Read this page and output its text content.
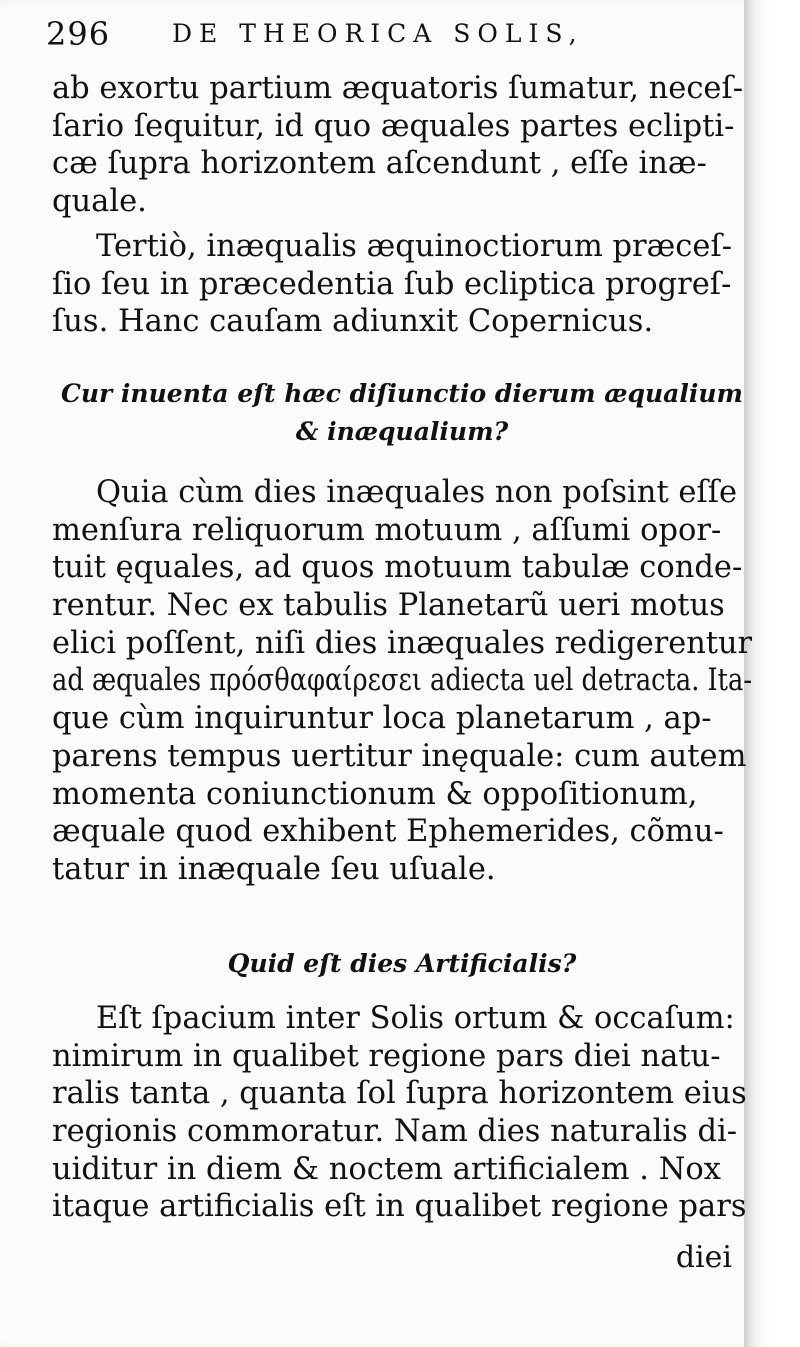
296 DE THEORICA SOLIS,
ab exortu partium æquatoris ſumatur, neceſ-
ſario ſequitur, id quo æquales partes eclipti-
cæ ſupra horizontem aſcendunt , eſſe inæ-
quale.
Tertiò, inæqualis æquinoctiorum præceſ-
ſio ſeu in præcedentia ſub ecliptica progreſ-
ſus. Hanc cauſam adiunxit Copernicus.
Cur inuenta eſt hæc diſiunctio dierum æqualium
& inæqualium?
Quia cùm dies inæquales non poſsint eſſe
menſura reliquorum motuum , aſſumi opor-
tuit ęquales, ad quos motuum tabulæ conde-
rentur. Nec ex tabulis Planetarũ ueri motus
elici poſſent, niſi dies inæquales redigerentur
ad æquales πρόσθαφαίρεσει adiecta uel detracta. Ita-
que cùm inquiruntur loca planetarum , ap-
parens tempus uertitur inęquale: cum autem
momenta coniunctionum & oppoſitionum,
æquale quod exhibent Ephemerides, cõmu-
tatur in inæquale ſeu uſuale.
Quid eſt dies Artificialis?
Eſt ſpacium inter Solis ortum & occaſum:
nimirum in qualibet regione pars diei natu-
ralis tanta , quanta ſol ſupra horizontem eius
regionis commoratur. Nam dies naturalis di-
uiditur in diem & noctem artificialem . Nox
itaque artificialis eſt in qualibet regione pars
diei
